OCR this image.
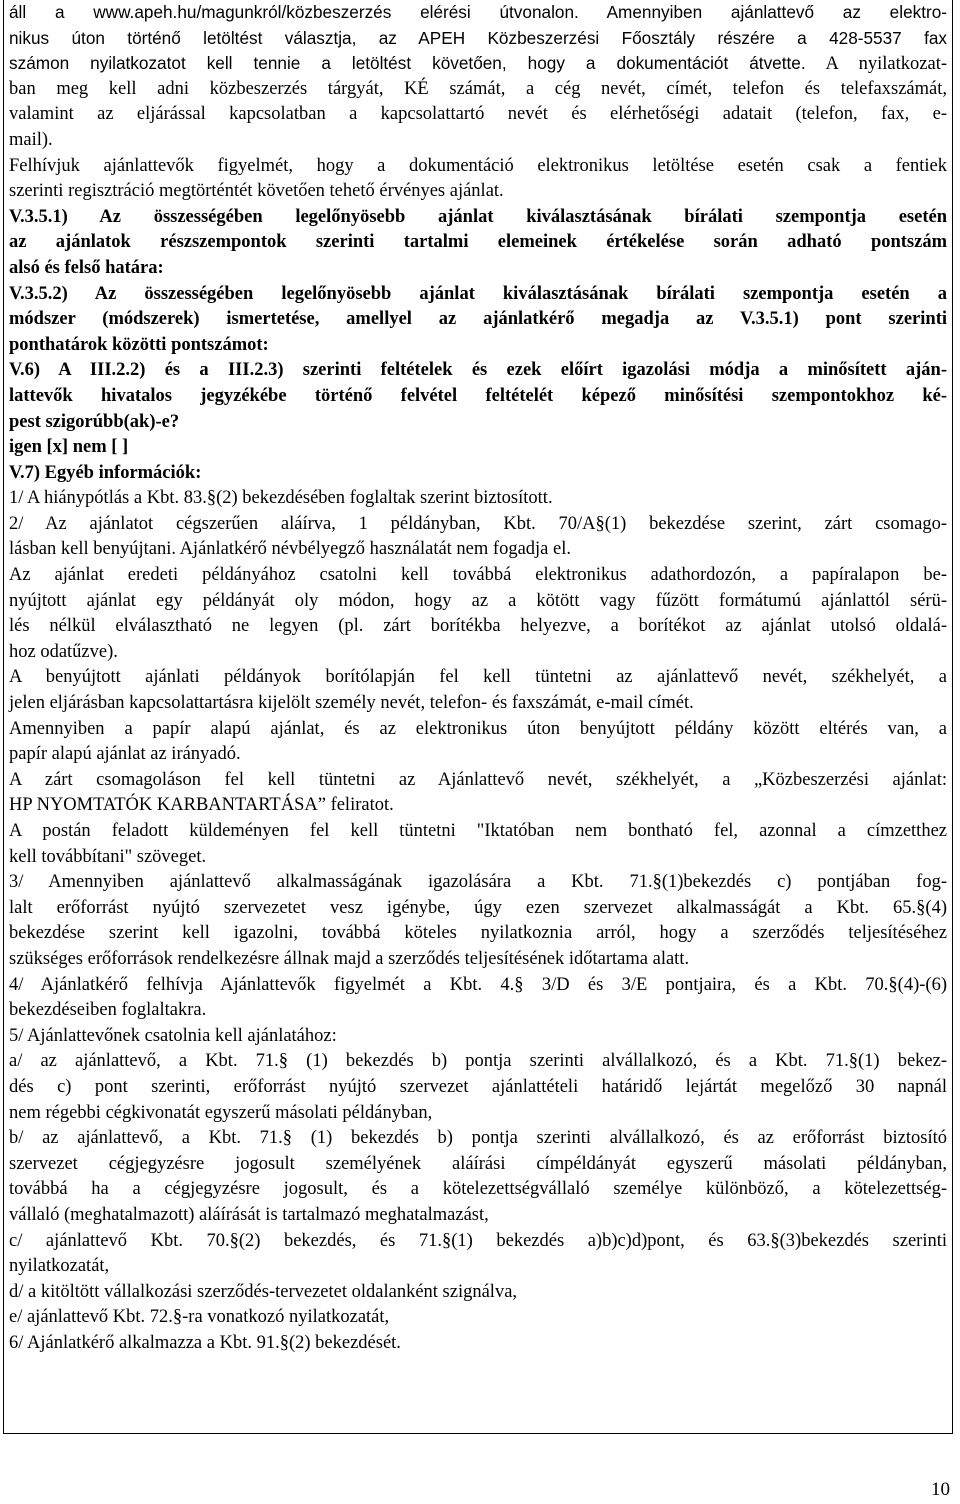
áll a www.apeh.hu/magunkról/közbeszerzés elérési útvonalon. Amennyiben ajánlattevő az elektro-
nikus úton történő letöltést választja, az APEH Közbeszerzési Főosztály részére a 428-5537 fax
számon nyilatkozatot kell tennie a letöltést követően, hogy a dokumentációt átvette. A nyilatkozat-
ban meg kell adni közbeszerzés tárgyát, KÉ számát, a cég nevét, címét, telefon és telefaxszámát,
valamint az eljárással kapcsolatban a kapcsolattartó nevét és elérhetőségi adatait (telefon, fax, e-
mail).
Felhívjuk ajánlattevők figyelmét, hogy a dokumentáció elektronikus letöltése esetén csak a fentiek
szerinti regisztráció megtörténtét követően tehető érvényes ajánlat.
V.3.5.1) Az összességében legelőnyösebb ajánlat kiválasztásának bírálati szempontja esetén
az ajánlatok részszempontok szerinti tartalmi elemeinek értékelése során adható pontszám
alsó és felső határa:
V.3.5.2) Az összességében legelőnyösebb ajánlat kiválasztásának bírálati szempontja esetén a
módszer (módszerek) ismertetése, amellyel az ajánlatkérő megadja az V.3.5.1) pont szerinti
ponthatárok közötti pontszámot:
V.6) A III.2.2) és a III.2.3) szerinti feltételek és ezek előírt igazolási módja a minősített aján-
lattevők hivatalos jegyzékébe történő felvétel feltételét képező minősítési szempontokhoz ké-
pest szigorúbb(ak)-e?
igen [x] nem [ ]
V.7) Egyéb információk:
1/ A hiánypótlás a Kbt. 83.§(2) bekezdésében foglaltak szerint biztosított.
2/ Az ajánlatot cégszerűen aláírva, 1 példányban, Kbt. 70/A§(1) bekezdése szerint, zárt csomago-
lásban kell benyújtani. Ajánlatkérő névbélyegző használatát nem fogadja el.
Az ajánlat eredeti példányához csatolni kell továbbá elektronikus adathordozón, a papíralapon be-
nyújtott ajánlat egy példányát oly módon, hogy az a kötött vagy fűzött formátumú ajánlattól sérü-
lés nélkül elválasztható ne legyen (pl. zárt borítékba helyezve, a borítékot az ajánlat utolsó oldalá-
hoz odatűzve).
A benyújtott ajánlati példányok borítólapján fel kell tüntetni az ajánlattevő nevét, székhelyét, a
jelen eljárásban kapcsolattartásra kijelölt személy nevét, telefon- és faxszámát, e-mail címét.
Amennyiben a papír alapú ajánlat, és az elektronikus úton benyújtott példány között eltérés van, a
papír alapú ajánlat az irányadó.
A zárt csomagoláson fel kell tüntetni az Ajánlattevő nevét, székhelyét, a „Közbeszerzési ajánlat:
HP NYOMTATÓK KARBANTARTÁSA” feliratot.
A postán feladott küldeményen fel kell tüntetni "Iktatóban nem bontható fel, azonnal a címzetthez
kell továbbítani" szöveget.
3/ Amennyiben ajánlattevő alkalmasságának igazolására a Kbt. 71.§(1)bekezdés c) pontjában fog-
lalt erőforrást nyújtó szervezetet vesz igénybe, úgy ezen szervezet alkalmasságát a Kbt. 65.§(4)
bekezdése szerint kell igazolni, továbbá köteles nyilatkoznia arról, hogy a szerződés teljesítéséhez
szükséges erőforrások rendelkezésre állnak majd a szerződés teljesítésének időtartama alatt.
4/ Ajánlatkérő felhívja Ajánlattevők figyelmét a Kbt. 4.§ 3/D és 3/E pontjaira, és a Kbt. 70.§(4)-(6)
bekezdéseiben foglaltakra.
5/ Ajánlattevőnek csatolnia kell ajánlatához:
a/ az ajánlattevő, a Kbt. 71.§ (1) bekezdés b) pontja szerinti alvállalkozó, és a Kbt. 71.§(1) bekez-
dés c) pont szerinti, erőforrást nyújtó szervezet ajánlattételi határidő lejártát megelőző 30 napnál
nem régebbi cégkivonatát egyszerű másolati példányban,
b/ az ajánlattevő, a Kbt. 71.§ (1) bekezdés b) pontja szerinti alvállalkozó, és az erőforrást biztosító
szervezet cégjegyzésre jogosult személyének aláírási címpéldányát egyszerű másolati példányban,
továbbá ha a cégjegyzésre jogosult, és a kötelezettségvállaló személye különböző, a kötelezettség-
vállaló (meghatalmazott) aláírását is tartalmazó meghatalmazást,
c/ ajánlattevő Kbt. 70.§(2) bekezdés, és 71.§(1) bekezdés a)b)c)d)pont, és 63.§(3)bekezdés szerinti
nyilatkozatát,
d/ a kitöltött vállalkozási szerződés-tervezetet oldalanként szignálva,
e/ ajánlattevő Kbt. 72.§-ra vonatkozó nyilatkozatát,
6/ Ajánlatkérő alkalmazza a Kbt. 91.§(2) bekezdését.
10
